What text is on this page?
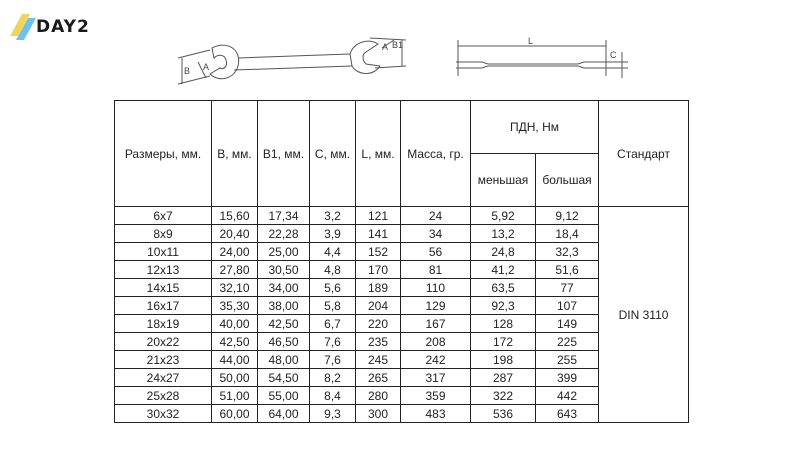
DAY2
B A
A B1	L
C
Размеры, мм.	В, мм.	В1, мм.	С, мм.	L, мм.	Масса, гр.	ПДН, Нм		Стандарт
						меньшая	большая	
6x7	15,60	17,34	3,2	121	24	5,92	9,12	DIN 3110
8x9	20,40	22,28	3,9	141	34	13,2	18,4	
10x11	24,00	25,00	4,4	152	56	24,8	32,3	
12x13	27,80	30,50	4,8	170	81	41,2	51,6	
14x15	32,10	34,00	5,6	189	110	63,5	77	
16x17	35,30	38,00	5,8	204	129	92,3	107	
18x19	40,00	42,50	6,7	220	167	128	149	
20x22	42,50	46,50	7,6	235	208	172	225	
21x23	44,00	48,00	7,6	245	242	198	255	
24x27	50,00	54,50	8,2	265	317	287	399	
25x28	51,00	55,00	8,4	280	359	322	442	
30x32	60,00	64,00	9,3	300	483	536	643	
